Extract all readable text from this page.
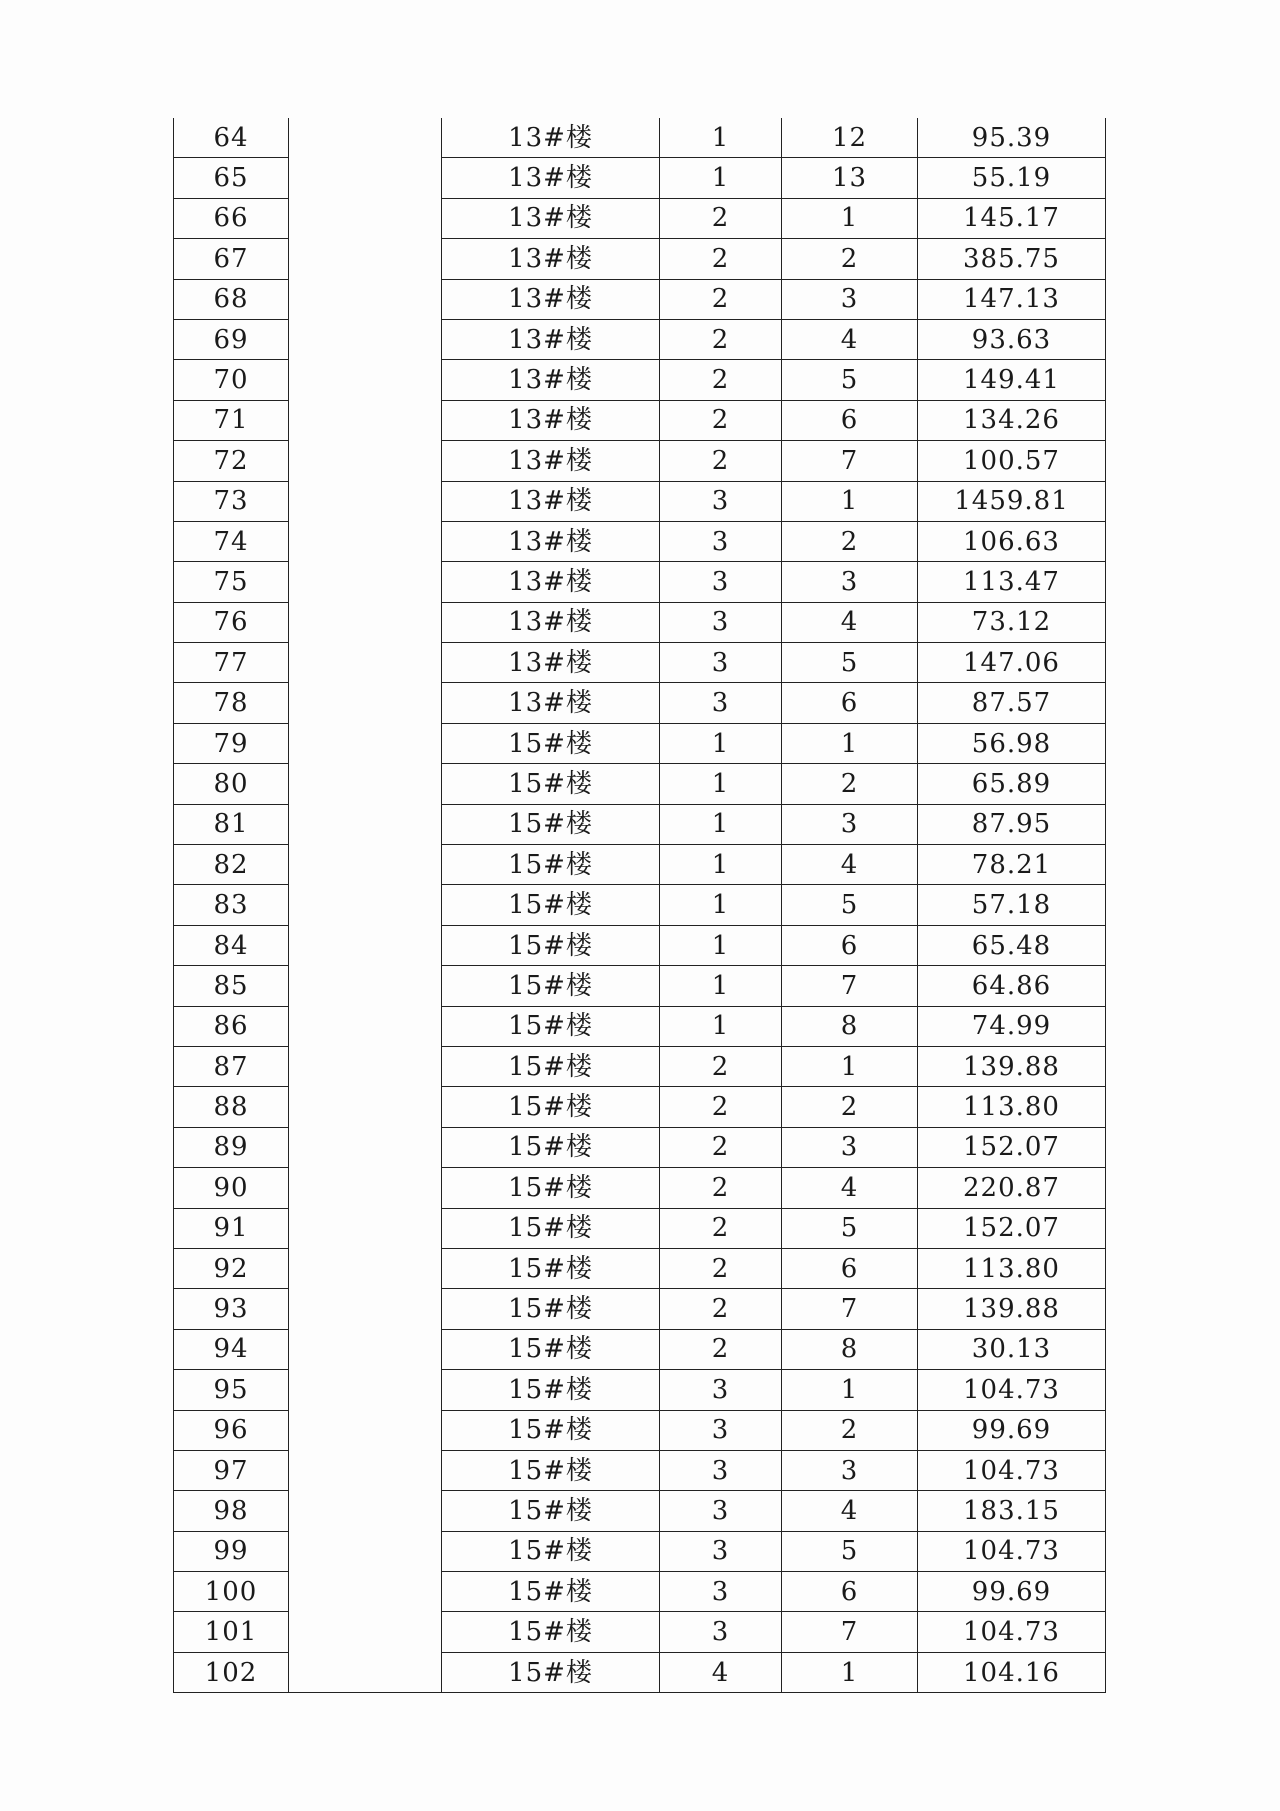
64		13#楼	1	12	95.39
65		13#楼	1	13	55.19
66		13#楼	2	1	145.17
67		13#楼	2	2	385.75
68		13#楼	2	3	147.13
69		13#楼	2	4	93.63
70		13#楼	2	5	149.41
71		13#楼	2	6	134.26
72		13#楼	2	7	100.57
73		13#楼	3	1	1459.81
74		13#楼	3	2	106.63
75		13#楼	3	3	113.47
76		13#楼	3	4	73.12
77		13#楼	3	5	147.06
78		13#楼	3	6	87.57
79		15#楼	1	1	56.98
80		15#楼	1	2	65.89
81		15#楼	1	3	87.95
82		15#楼	1	4	78.21
83		15#楼	1	5	57.18
84		15#楼	1	6	65.48
85		15#楼	1	7	64.86
86		15#楼	1	8	74.99
87		15#楼	2	1	139.88
88		15#楼	2	2	113.80
89		15#楼	2	3	152.07
90		15#楼	2	4	220.87
91		15#楼	2	5	152.07
92		15#楼	2	6	113.80
93		15#楼	2	7	139.88
94		15#楼	2	8	30.13
95		15#楼	3	1	104.73
96		15#楼	3	2	99.69
97		15#楼	3	3	104.73
98		15#楼	3	4	183.15
99		15#楼	3	5	104.73
100		15#楼	3	6	99.69
101		15#楼	3	7	104.73
102		15#楼	4	1	104.16
